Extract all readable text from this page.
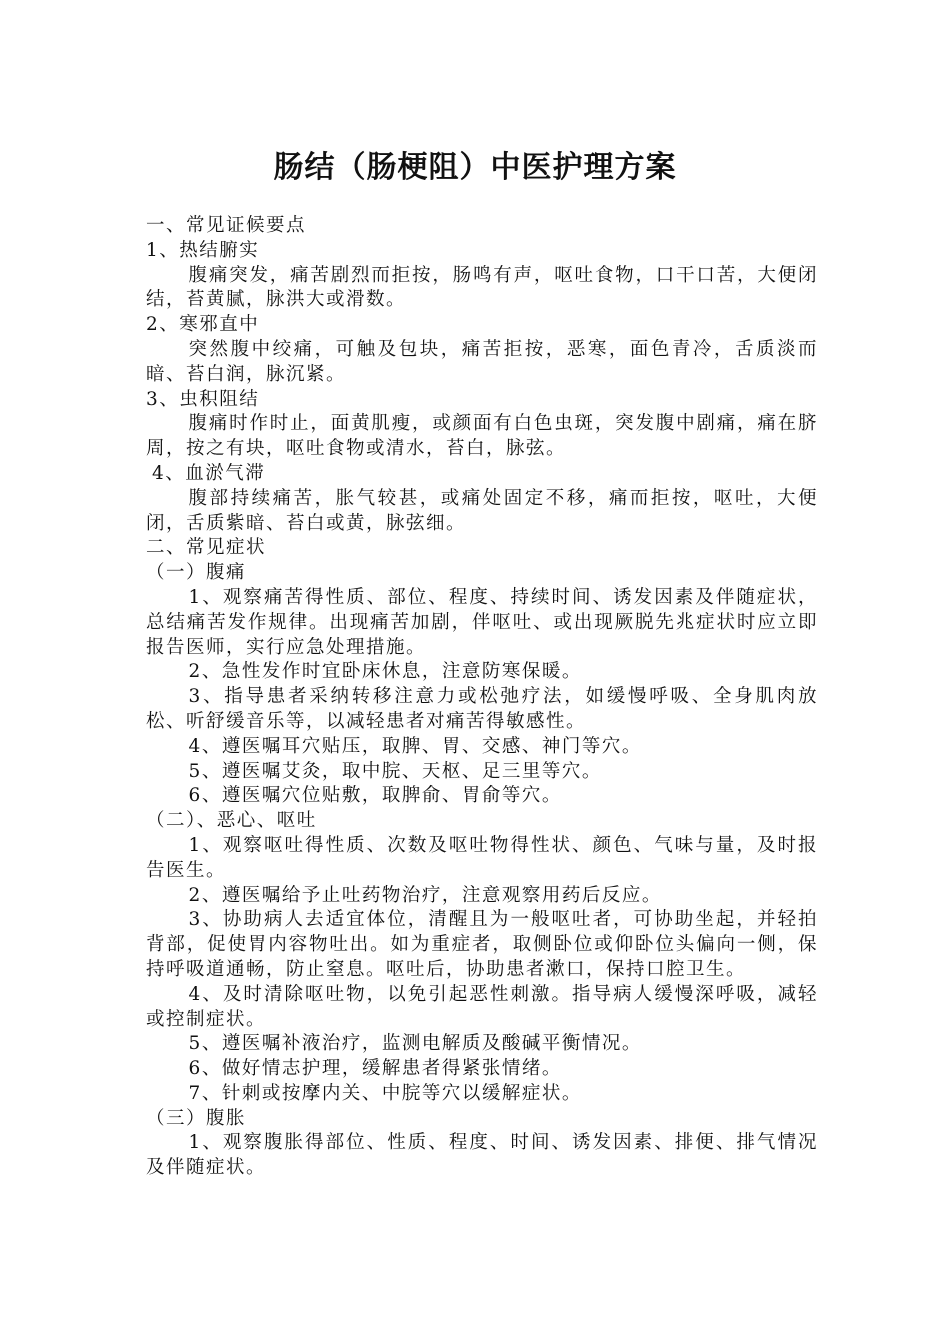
肠结（肠梗阻）中医护理方案

一、常见证候要点

1、热结腑实

腹痛突发，痛苦剧烈而拒按，肠鸣有声，呕吐食物，口干口苦，大便闭结，苔黄腻，脉洪大或滑数。

2、寒邪直中

突然腹中绞痛，可触及包块，痛苦拒按，恶寒，面色青冷，舌质淡而暗、苔白润，脉沉紧。

3、虫积阻结

腹痛时作时止，面黄肌瘦，或颜面有白色虫斑，突发腹中剧痛，痛在脐周，按之有块，呕吐食物或清水，苔白，脉弦。

4、血淤气滞

腹部持续痛苦，胀气较甚，或痛处固定不移，痛而拒按，呕吐，大便闭，舌质紫暗、苔白或黄，脉弦细。

二、常见症状

（一）腹痛

1、观察痛苦得性质、部位、程度、持续时间、诱发因素及伴随症状，总结痛苦发作规律。出现痛苦加剧，伴呕吐、或出现厥脱先兆症状时应立即报告医师，实行应急处理措施。

2、急性发作时宜卧床休息，注意防寒保暖。

3、指导患者采纳转移注意力或松弛疗法，如缓慢呼吸、全身肌肉放松、听舒缓音乐等，以减轻患者对痛苦得敏感性。

4、遵医嘱耳穴贴压，取脾、胃、交感、神门等穴。

5、遵医嘱艾灸，取中脘、天枢、足三里等穴。

6、遵医嘱穴位贴敷，取脾俞、胃俞等穴。

（二）、恶心、呕吐

1、观察呕吐得性质、次数及呕吐物得性状、颜色、气味与量，及时报告医生。

2、遵医嘱给予止吐药物治疗，注意观察用药后反应。

3、协助病人去适宜体位，清醒且为一般呕吐者，可协助坐起，并轻拍背部，促使胃内容物吐出。如为重症者，取侧卧位或仰卧位头偏向一侧，保持呼吸道通畅，防止窒息。呕吐后，协助患者漱口，保持口腔卫生。

4、及时清除呕吐物，以免引起恶性刺激。指导病人缓慢深呼吸，减轻或控制症状。

5、遵医嘱补液治疗，监测电解质及酸碱平衡情况。

6、做好情志护理，缓解患者得紧张情绪。

7、针刺或按摩内关、中脘等穴以缓解症状。

（三）腹胀

1、观察腹胀得部位、性质、程度、时间、诱发因素、排便、排气情况及伴随症状。
